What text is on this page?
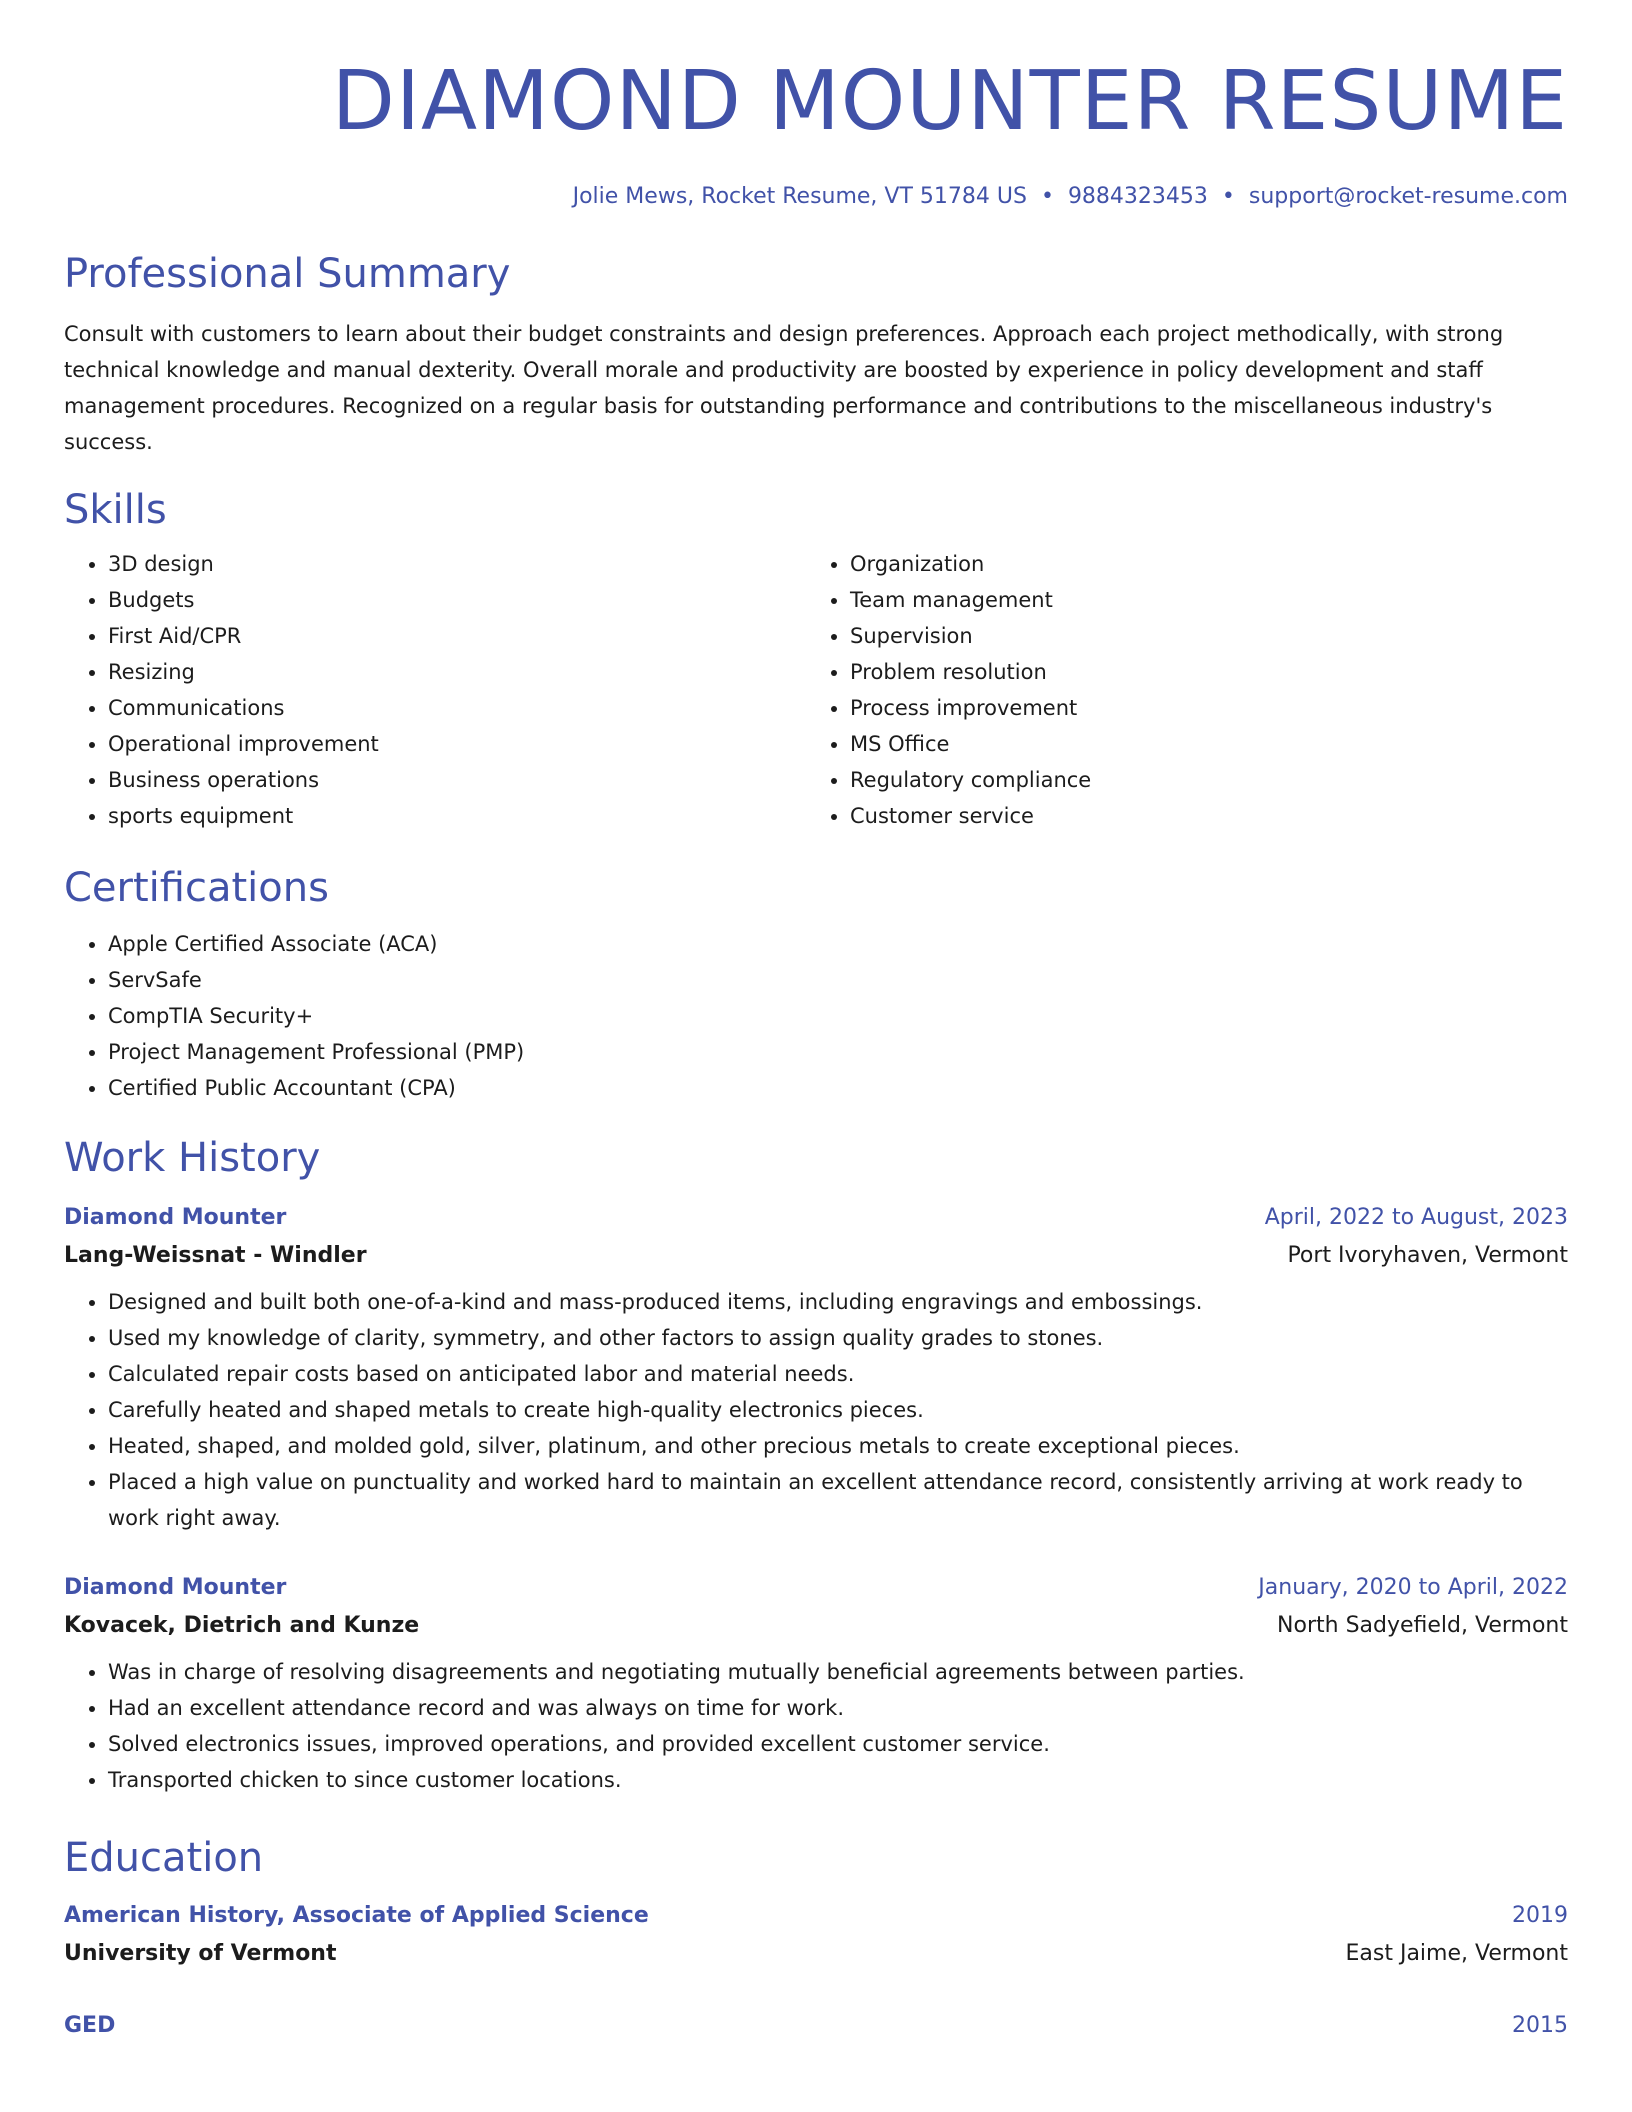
DIAMOND MOUNTER RESUME
Jolie Mews, Rocket Resume, VT 51784 US • 9884323453 • support@rocket-resume.com
Professional Summary
Consult with customers to learn about their budget constraints and design preferences. Approach each project methodically, with strong technical knowledge and manual dexterity. Overall morale and productivity are boosted by experience in policy development and staff management procedures. Recognized on a regular basis for outstanding performance and contributions to the miscellaneous industry's success.
Skills
• 3D design
• Budgets
• First Aid/CPR
• Resizing
• Communications
• Operational improvement
• Business operations
• sports equipment
• Organization
• Team management
• Supervision
• Problem resolution
• Process improvement
• MS Office
• Regulatory compliance
• Customer service
Certifications
• Apple Certified Associate (ACA)
• ServSafe
• CompTIA Security+
• Project Management Professional (PMP)
• Certified Public Accountant (CPA)
Work History
Diamond Mounter	April, 2022 to August, 2023
Lang-Weissnat - Windler	Port Ivoryhaven, Vermont
• Designed and built both one-of-a-kind and mass-produced items, including engravings and embossings.
• Used my knowledge of clarity, symmetry, and other factors to assign quality grades to stones.
• Calculated repair costs based on anticipated labor and material needs.
• Carefully heated and shaped metals to create high-quality electronics pieces.
• Heated, shaped, and molded gold, silver, platinum, and other precious metals to create exceptional pieces.
• Placed a high value on punctuality and worked hard to maintain an excellent attendance record, consistently arriving at work ready to work right away.
Diamond Mounter	January, 2020 to April, 2022
Kovacek, Dietrich and Kunze	North Sadyefield, Vermont
• Was in charge of resolving disagreements and negotiating mutually beneficial agreements between parties.
• Had an excellent attendance record and was always on time for work.
• Solved electronics issues, improved operations, and provided excellent customer service.
• Transported chicken to since customer locations.
Education
American History, Associate of Applied Science	2019
University of Vermont	East Jaime, Vermont
GED	2015
